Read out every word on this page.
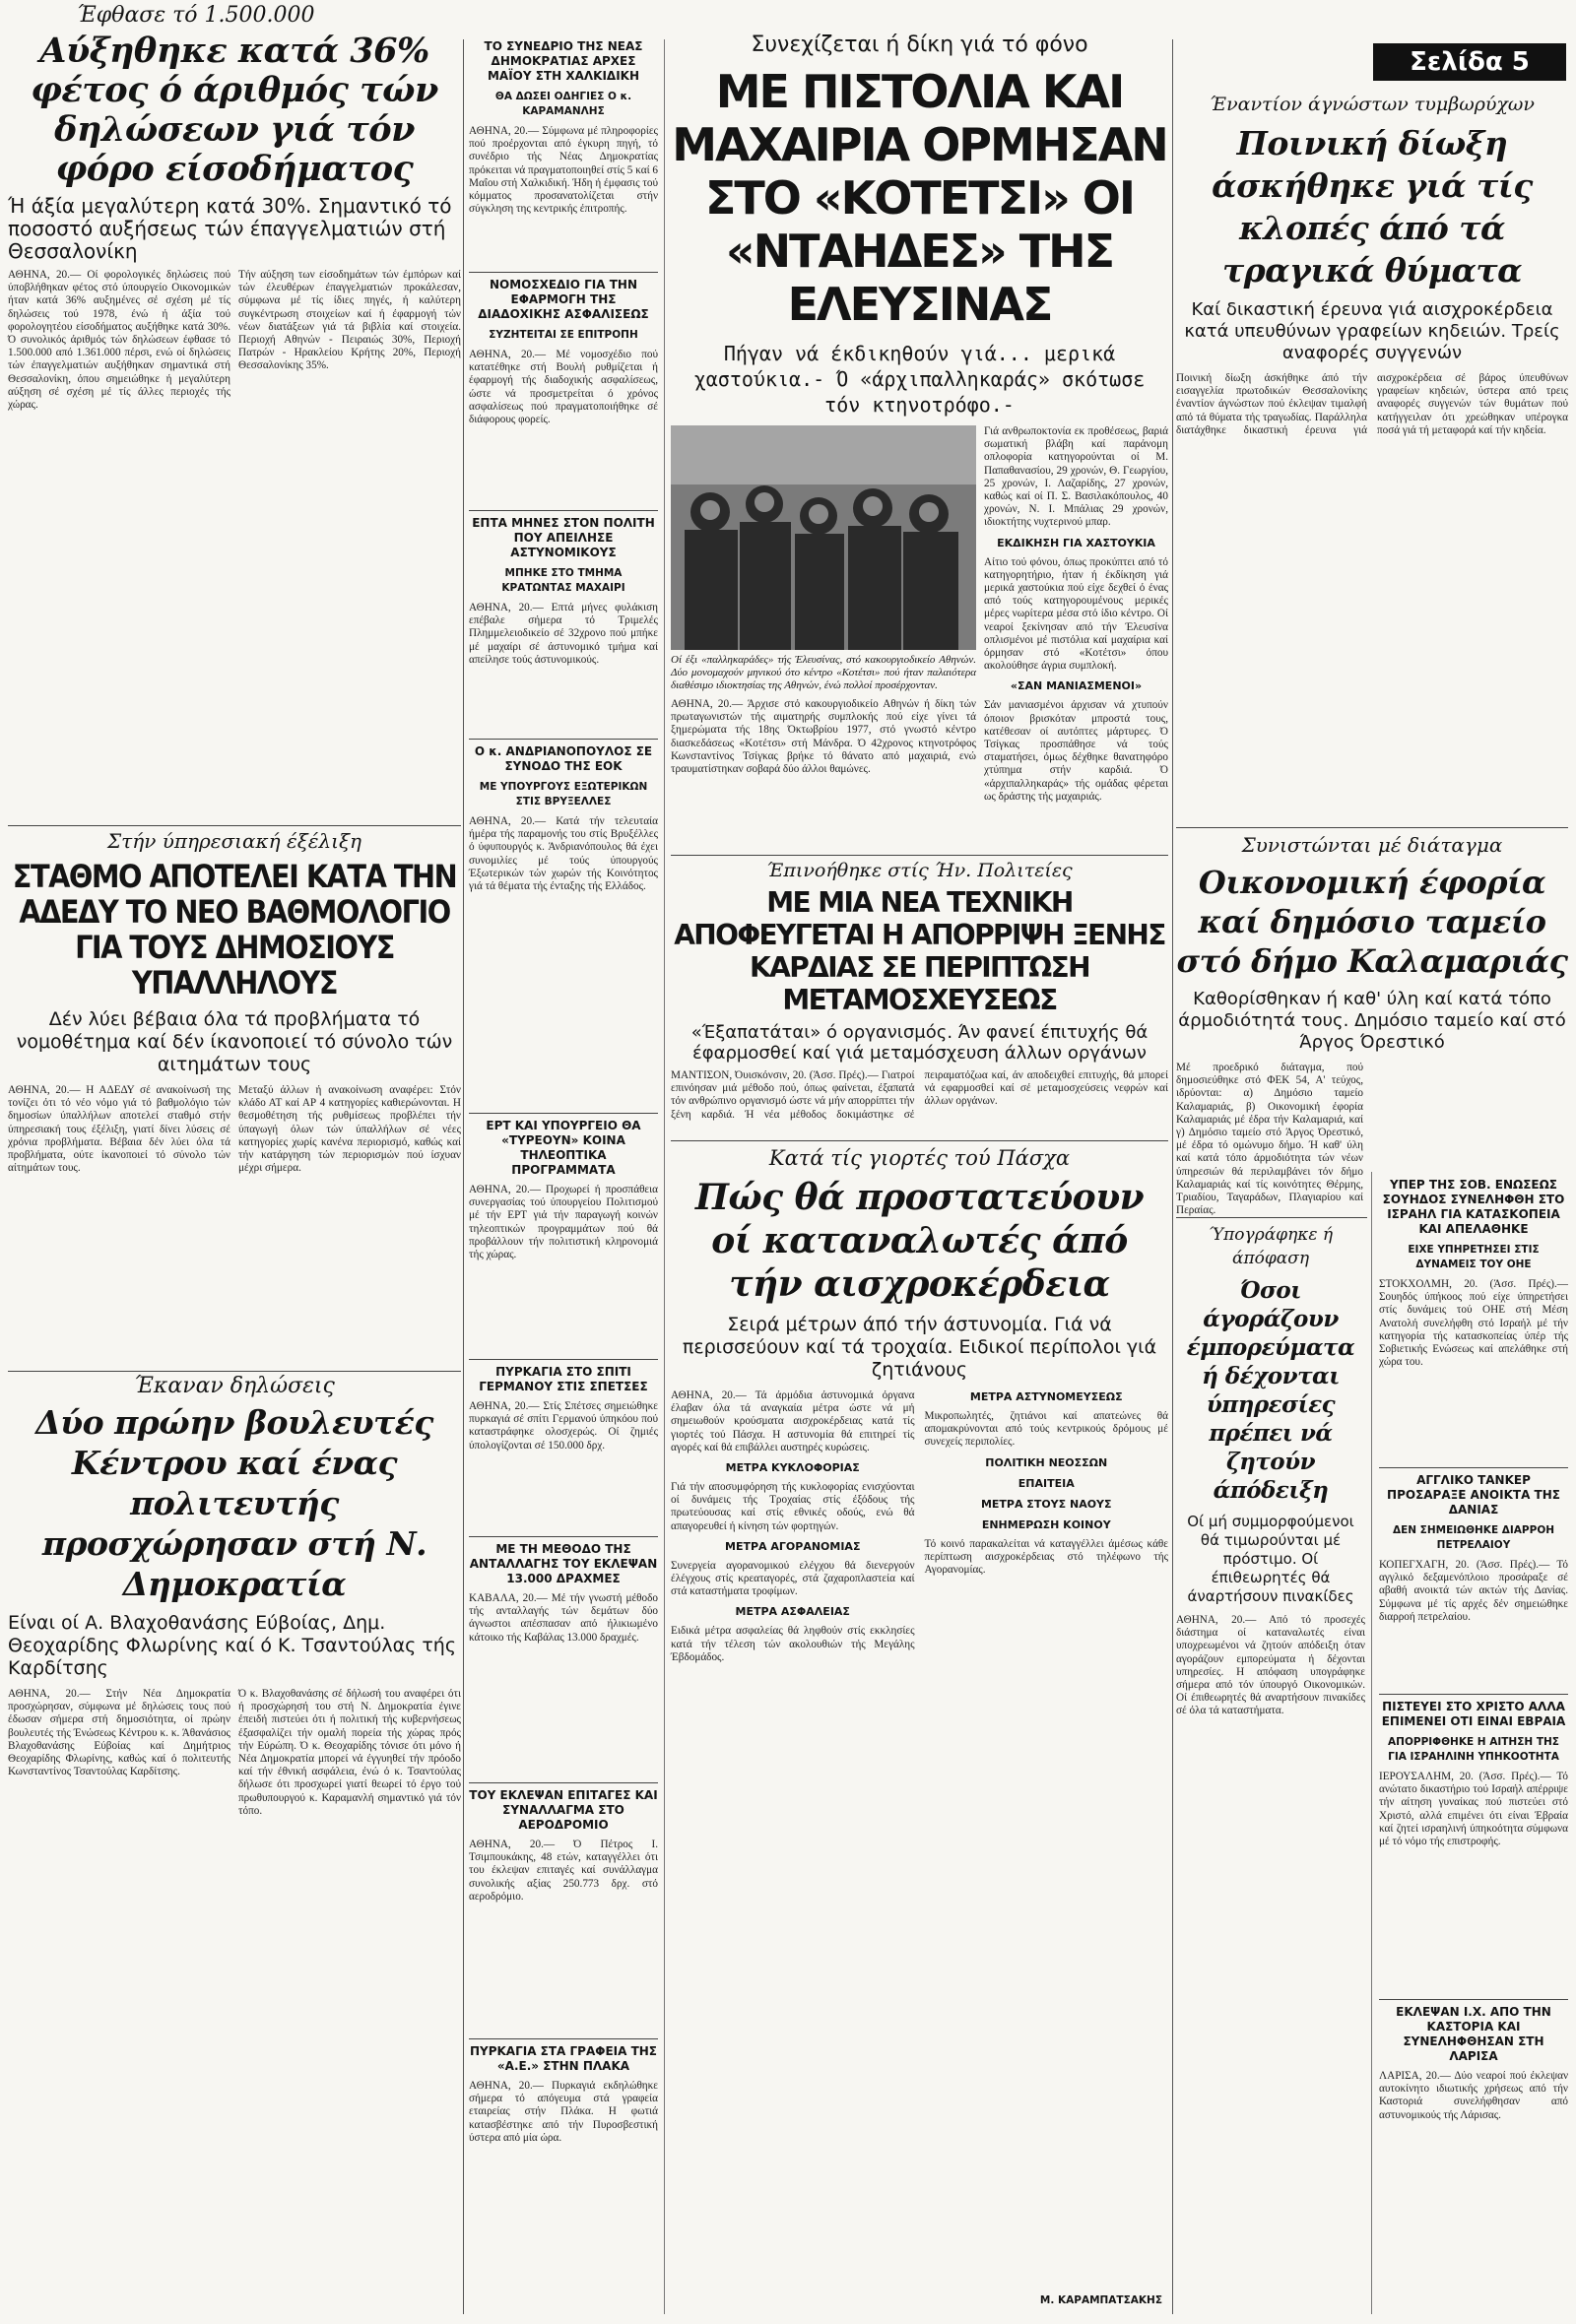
Έφθασε τό 1.500.000
Αύξηθηκε κατά 36% φέτος ό άριθμός τών δηλώσεων γιά τόν φόρο είσοδήματος
Ή άξία μεγαλύτερη κατά 30%. Σημαντικό τό ποσοστό αυξήσεως τών έπαγγελματιών στή Θεσσαλονίκη
ΑΘΗΝΑ, 20.— Οί φορολογικές δηλώσεις πού ύποβλήθηκαν φέτος στό ύπουργείο Οικονομικών ήταν κατά 36% αυξημένες σέ σχέση μέ τίς δηλώσεις τού 1978, ένώ ή άξία τού φορολογητέου είσοδήματος αυξήθηκε κατά 30%. Ό συνολικός άριθμός τών δηλώσεων έφθασε τό 1.500.000 από 1.361.000 πέρσι, ενώ οί δηλώσεις τών έπαγγελματιών αυξήθηκαν σημαντικά στή Θεσσαλονίκη, όπου σημειώθηκε ή μεγαλύτερη αύξηση σέ σχέση μέ τίς άλλες περιοχές τής χώρας.
Τήν αύξηση των είσοδημάτων τών έμπόρων καί τών έλευθέρων έπαγγελματιών προκάλεσαν, σύμφωνα μέ τίς ίδιες πηγές, ή καλύτερη συγκέντρωση στοιχείων καί ή έφαρμογή τών νέων διατάξεων γιά τά βιβλία καί στοιχεία. Περιοχή Αθηνών - Πειραιώς 30%, Περιοχή Πατρών - Ηρακλείου Κρήτης 20%, Περιοχή Θεσσαλονίκης 35%.
Στήν ύπηρεσιακή έξέλιξη
ΣΤΑΘΜΟ ΑΠΟΤΕΛΕΙ ΚΑΤΑ ΤΗΝ ΑΔΕΔΥ ΤΟ ΝΕΟ ΒΑΘΜΟΛΟΓΙΟ ΓΙΑ ΤΟΥΣ ΔΗΜΟΣΙΟΥΣ ΥΠΑΛΛΗΛΟΥΣ
Δέν λύει βέβαια όλα τά προβλήματα τό νομοθέτημα καί δέν ίκανοποιεί τό σύνολο τών αιτημάτων τους
ΑΘΗΝΑ, 20.— Η ΑΔΕΔΥ σέ ανακοίνωσή της τονίζει ότι τό νέο νόμο γιά τό βαθμολόγιο τών δημοσίων ύπαλλήλων αποτελεί σταθμό στήν ύπηρεσιακή τους έξέλιξη, γιατί δίνει λύσεις σέ χρόνια προβλήματα. Βέβαια δέν λύει όλα τά προβλήματα, ούτε ίκανοποιεί τό σύνολο τών αίτημάτων τους.
Μεταξύ άλλων ή ανακοίνωση αναφέρει: Στόν κλάδο ΑΤ καί ΑΡ 4 κατηγορίες καθιερώνονται. Η θεσμοθέτηση τής ρυθμίσεως προβλέπει τήν ύπαγωγή όλων τών ύπαλλήλων σέ νέες κατηγορίες χωρίς κανένα περιορισμό, καθώς καί τήν κατάργηση τών περιορισμών πού ίσχυαν μέχρι σήμερα.
Έκαναν δηλώσεις
Δύο πρώην βουλευτές Κέντρου καί ένας πολιτευτής προσχώρησαν στή Ν. Δημοκρατία
Είναι οί Α. Βλαχοθανάσης Εύβοίας, Δημ. Θεοχαρίδης Φλωρίνης καί ό Κ. Τσαντούλας τής Καρδίτσης
ΑΘΗΝΑ, 20.— Στήν Νέα Δημοκρατία προσχώρησαν, σύμφωνα μέ δηλώσεις τους πού έδωσαν σήμερα στή δημοσιότητα, οί πρώην βουλευτές τής Ένώσεως Κέντρου κ. κ. Άθανάσιος Βλαχοθανάσης Εύβοίας καί Δημήτριος Θεοχαρίδης Φλωρίνης, καθώς καί ό πολιτευτής Κωνσταντίνος Τσαντούλας Καρδίτσης.
Ό κ. Βλαχοθανάσης σέ δήλωσή του αναφέρει ότι ή προσχώρησή του στή Ν. Δημοκρατία έγινε έπειδή πιστεύει ότι ή πολιτική τής κυβερνήσεως έξασφαλίζει τήν ομαλή πορεία τής χώρας πρός τήν Εύρώπη. Ό κ. Θεοχαρίδης τόνισε ότι μόνο ή Νέα Δημοκρατία μπορεί νά έγγυηθεί τήν πρόοδο καί τήν έθνική ασφάλεια, ένώ ό κ. Τσαντούλας δήλωσε ότι προσχωρεί γιατί θεωρεί τό έργο τού πρωθυπουργού κ. Καραμανλή σημαντικό γιά τόν τόπο.
ΤΟ ΣΥΝΕΔΡΙΟ ΤΗΣ ΝΕΑΣ ΔΗΜΟΚΡΑΤΙΑΣ ΑΡΧΕΣ ΜΑΪΟΥ ΣΤΗ ΧΑΛΚΙΔΙΚΗ
ΘΑ ΔΩΣΕΙ ΟΔΗΓΙΕΣ Ο κ. ΚΑΡΑΜΑΝΛΗΣ
ΑΘΗΝΑ, 20.— Σύμφωνα μέ πληροφορίες πού προέρχονται από έγκυρη πηγή, τό συνέδριο τής Νέας Δημοκρατίας πρόκειται νά πραγματοποιηθεί στίς 5 καί 6 Μαΐου στή Χαλκιδική. Ήδη ή έμφασις τού κόμματος προσανατολίζεται στήν σύγκληση της κεντρικής έπιτροπής.
ΝΟΜΟΣΧΕΔΙΟ ΓΙΑ ΤΗΝ ΕΦΑΡΜΟΓΗ ΤΗΣ ΔΙΑΔΟΧΙΚΗΣ ΑΣΦΑΛΙΣΕΩΣ
ΣΥΖΗΤΕΙΤΑΙ ΣΕ ΕΠΙΤΡΟΠΗ
ΑΘΗΝΑ, 20.— Μέ νομοσχέδιο πού κατατέθηκε στή Βουλή ρυθμίζεται ή έφαρμογή τής διαδοχικής ασφαλίσεως, ώστε νά προσμετρείται ό χρόνος ασφαλίσεως πού πραγματοποιήθηκε σέ διάφορους φορείς.
ΕΠΤΑ ΜΗΝΕΣ ΣΤΟΝ ΠΟΛΙΤΗ ΠΟΥ ΑΠΕΙΛΗΣΕ ΑΣΤΥΝΟΜΙΚΟΥΣ
ΜΠΗΚΕ ΣΤΟ ΤΜΗΜΑ ΚΡΑΤΩΝΤΑΣ ΜΑΧΑΙΡΙ
ΑΘΗΝΑ, 20.— Επτά μήνες φυλάκιση επέβαλε σήμερα τό Τριμελές Πλημμελειοδικείο σέ 32χρονο πού μπήκε μέ μαχαίρι σέ άστυνομικό τμήμα καί απείλησε τούς άστυνομικούς.
Ο κ. ΑΝΔΡΙΑΝΟΠΟΥΛΟΣ ΣΕ ΣΥΝΟΔΟ ΤΗΣ ΕΟΚ
ΜΕ ΥΠΟΥΡΓΟΥΣ ΕΞΩΤΕΡΙΚΩΝ ΣΤΙΣ ΒΡΥΞΕΛΛΕΣ
ΑΘΗΝΑ, 20.— Κατά τήν τελευταία ήμέρα τής παραμονής του στίς Βρυξέλλες ό ύφυπουργός κ. Άνδριανόπουλος θά έχει συνομιλίες μέ τούς ύπουργούς Έξωτερικών τών χωρών τής Κοινότητος γιά τά θέματα τής ένταξης τής Ελλάδος.
ΕΡΤ ΚΑΙ ΥΠΟΥΡΓΕΙΟ ΘΑ «ΤΥΡΕΟΥΝ» ΚΟΙΝΑ ΤΗΛΕΟΠΤΙΚΑ ΠΡΟΓΡΑΜΜΑΤΑ
ΑΘΗΝΑ, 20.— Προχωρεί ή προσπάθεια συνεργασίας τού ύπουργείου Πολιτισμού μέ τήν ΕΡΤ γιά τήν παραγωγή κοινών τηλεοπτικών προγραμμάτων πού θά προβάλλουν τήν πολιτιστική κληρονομιά τής χώρας.
ΠΥΡΚΑΓΙΑ ΣΤΟ ΣΠΙΤΙ ΓΕΡΜΑΝΟΥ ΣΤΙΣ ΣΠΕΤΣΕΣ
ΑΘΗΝΑ, 20.— Στίς Σπέτσες σημειώθηκε πυρκαγιά σέ σπίτι Γερμανού ύπηκόου πού καταστράφηκε ολοσχερώς. Οί ζημιές ύπολογίζονται σέ 150.000 δρχ.
ΜΕ ΤΗ ΜΕΘΟΔΟ ΤΗΣ ΑΝΤΑΛΛΑΓΗΣ ΤΟΥ ΕΚΛΕΨΑΝ 13.000 ΔΡΑΧΜΕΣ
ΚΑΒΑΛΑ, 20.— Μέ τήν γνωστή μέθοδο τής ανταλλαγής τών δεμάτων δύο άγνωστοι απέσπασαν από ήλικιωμένο κάτοικο τής Καβάλας 13.000 δραχμές.
ΤΟΥ ΕΚΛΕΨΑΝ ΕΠΙΤΑΓΕΣ ΚΑΙ ΣΥΝΑΛΛΑΓΜΑ ΣΤΟ ΑΕΡΟΔΡΟΜΙΟ
ΑΘΗΝΑ, 20.— Ό Πέτρος Ι. Τσιμπουκάκης, 48 ετών, καταγγέλλει ότι του έκλεψαν επιταγές καί συνάλλαγμα συνολικής αξίας 250.773 δρχ. στό αεροδρόμιο.
ΠΥΡΚΑΓΙΑ ΣΤΑ ΓΡΑΦΕΙΑ ΤΗΣ «Α.Ε.» ΣΤΗΝ ΠΛΑΚΑ
ΑΘΗΝΑ, 20.— Πυρκαγιά εκδηλώθηκε σήμερα τό απόγευμα στά γραφεία εταιρείας στήν Πλάκα. Η φωτιά κατασβέστηκε από τήν Πυροσβεστική ύστερα από μία ώρα.
Συνεχίζεται ή δίκη γιά τό φόνο
ΜΕ ΠΙΣΤΟΛΙΑ ΚΑΙ ΜΑΧΑΙΡΙΑ ΟΡΜΗΣΑΝ ΣΤΟ «ΚΟΤΕΤΣΙ» ΟΙ «ΝΤΑΗΔΕΣ» ΤΗΣ ΕΛΕΥΣΙΝΑΣ
Πήγαν νά έκδικηθούν γιά... μερικά χαστούκια.- Ό «άρχιπαλληκαράς» σκότωσε τόν κτηνοτρόφο.-
Οί έξι «παλληκαράδες» τής Έλευσίνας, στό κακουργιοδικείο Αθηνών. Δύο μονομαχούν μηνικού ότο κέντρο «Κοτέτσι» πού ήταν παλαιότερα διαθέσιμο ιδιοκτησίας της Αθηνών, ένώ πολλοί προσέρχονταν.
ΑΘΗΝΑ, 20.— Άρχισε στό κακουργιοδικείο Αθηνών ή δίκη τών πρωταγωνιστών τής αιματηρής συμπλοκής πού είχε γίνει τά ξημερώματα τής 18ης Όκτωβρίου 1977, στό γνωστό κέντρο διασκεδάσεως «Κοτέτσι» στή Μάνδρα. Ό 42χρονος κτηνοτρόφος Κωνσταντίνος Τσίγκας βρήκε τό θάνατο από μαχαιριά, ενώ τραυματίστηκαν σοβαρά δύο άλλοι θαμώνες.
Γιά ανθρωποκτονία εκ προθέσεως, βαριά σωματική βλάβη καί παράνομη οπλοφορία κατηγορούνται οί Μ. Παπαθανασίου, 29 χρονών, Θ. Γεωργίου, 25 χρονών, Ι. Λαζαρίδης, 27 χρονών, καθώς καί οί Π. Σ. Βασιλακόπουλος, 40 χρονών, Ν. Ι. Μπάλιας 29 χρονών, ιδιοκτήτης νυχτερινού μπαρ.
ΕΚΔΙΚΗΣΗ ΓΙΑ ΧΑΣΤΟΥΚΙΑ
Αίτιο τού φόνου, όπως προκύπτει από τό κατηγορητήριο, ήταν ή έκδίκηση γιά μερικά χαστούκια πού είχε δεχθεί ό ένας από τούς κατηγορουμένους μερικές μέρες νωρίτερα μέσα στό ίδιο κέντρο. Οί νεαροί ξεκίνησαν από τήν Έλευσίνα οπλισμένοι μέ πιστόλια καί μαχαίρια καί όρμησαν στό «Κοτέτσι» όπου ακολούθησε άγρια συμπλοκή.
«ΣΑΝ ΜΑΝΙΑΣΜΕΝΟΙ»
Σάν μανιασμένοι άρχισαν νά χτυπούν όποιον βρισκόταν μπροστά τους, κατέθεσαν οί αυτόπτες μάρτυρες. Ό Τσίγκας προσπάθησε νά τούς σταματήσει, όμως δέχθηκε θανατηφόρο χτύπημα στήν καρδιά. Ό «άρχιπαλληκαράς» τής ομάδας φέρεται ως δράστης τής μαχαιριάς.
Έπινοήθηκε στίς Ήν. Πολιτείες
ΜΕ ΜΙΑ ΝΕΑ ΤΕΧΝΙΚΗ ΑΠΟΦΕΥΓΕΤΑΙ Η ΑΠΟΡΡΙΨΗ ΞΕΝΗΣ ΚΑΡΔΙΑΣ ΣΕ ΠΕΡΙΠΤΩΣΗ ΜΕΤΑΜΟΣΧΕΥΣΕΩΣ
«Έξαπατάται» ό οργανισμός. Άν φανεί έπιτυχής θά έφαρμοσθεί καί γιά μεταμόσχευση άλλων οργάνων
ΜΑΝΤΙΣΟΝ, Όυισκόνσιν, 20. (Άσσ. Πρές).— Γιατροί επινόησαν μιά μέθοδο πού, όπως φαίνεται, έξαπατά τόν ανθρώπινο οργανισμό ώστε νά μήν απορρίπτει τήν ξένη καρδιά. Ή νέα μέθοδος δοκιμάστηκε σέ πειραματόζωα καί, άν αποδειχθεί επιτυχής, θά μπορεί νά εφαρμοσθεί καί σέ μεταμοσχεύσεις νεφρών καί άλλων οργάνων.
Κατά τίς γιορτές τού Πάσχα
Πώς θά προστατεύουν οί καταναλωτές άπό τήν αισχροκέρδεια
Σειρά μέτρων άπό τήν άστυνομία. Γιά νά περισσεύουν καί τά τροχαία. Ειδικοί περίπολοι γιά ζητιάνους
ΑΘΗΝΑ, 20.— Τά άρμόδια άστυνομικά όργανα έλαβαν όλα τά αναγκαία μέτρα ώστε νά μή σημειωθούν κρούσματα αισχροκέρδειας κατά τίς γιορτές τού Πάσχα. Η αστυνομία θά επιτηρεί τίς αγορές καί θά επιβάλλει αυστηρές κυρώσεις.
ΜΕΤΡΑ ΚΥΚΛΟΦΟΡΙΑΣ
Γιά τήν αποσυμφόρηση τής κυκλοφορίας ενισχύονται οί δυνάμεις τής Τροχαίας στίς έξόδους τής πρωτεύουσας καί στίς εθνικές οδούς, ενώ θά απαγορευθεί ή κίνηση τών φορτηγών.
ΜΕΤΡΑ ΑΓΟΡΑΝΟΜΙΑΣ
Συνεργεία αγορανομικού ελέγχου θά διενεργούν έλέγχους στίς κρεαταγορές, στά ζαχαροπλαστεία καί στά καταστήματα τροφίμων.
ΜΕΤΡΑ ΑΣΦΑΛΕΙΑΣ
Ειδικά μέτρα ασφαλείας θά ληφθούν στίς εκκλησίες κατά τήν τέλεση τών ακολουθιών τής Μεγάλης Έβδομάδος.
ΜΕΤΡΑ ΑΣΤΥΝΟΜΕΥΣΕΩΣ
Μικροπωλητές, ζητιάνοι καί απατεώνες θά απομακρύνονται από τούς κεντρικούς δρόμους μέ συνεχείς περιπολίες.
ΠΟΛΙΤΙΚΗ ΝΕΟΣΣΩΝ
ΕΠΑΙΤΕΙΑ
ΜΕΤΡΑ ΣΤΟΥΣ ΝΑΟΥΣ
ΕΝΗΜΕΡΩΣΗ ΚΟΙΝΟΥ
Τό κοινό παρακαλείται νά καταγγέλλει άμέσως κάθε περίπτωση αισχροκέρδειας στό τηλέφωνο τής Αγορανομίας.
Σελίδα 5
Έναντίον άγνώστων τυμβωρύχων
Ποινική δίωξη άσκήθηκε γιά τίς κλοπές άπό τά τραγικά θύματα
Καί δικαστική έρευνα γιά αισχροκέρδεια κατά υπευθύνων γραφείων κηδειών. Τρείς αναφορές συγγενών
Ποινική δίωξη άσκήθηκε άπό τήν εισαγγελία πρωτοδικών Θεσσαλονίκης έναντίον άγνώστων πού έκλεψαν τιμαλφή από τά θύματα τής τραγωδίας. Παράλληλα διατάχθηκε δικαστική έρευνα γιά αισχροκέρδεια σέ βάρος ύπευθύνων γραφείων κηδειών, ύστερα από τρεις αναφορές συγγενών τών θυμάτων πού κατήγγειλαν ότι χρεώθηκαν υπέρογκα ποσά γιά τή μεταφορά καί τήν κηδεία.
Συνιστώνται μέ διάταγμα
Οικονομική έφορία καί δημόσιο ταμείο στό δήμο Καλαμαριάς
Καθορίσθηκαν ή καθ' ύλη καί κατά τόπο άρμοδιότητά τους. Δημόσιο ταμείο καί στό Άργος Όρεστικό
Μέ προεδρικό διάταγμα, πού δημοσιεύθηκε στό ΦΕΚ 54, Α' τεύχος, ιδρύονται: α) Δημόσιο ταμείο Καλαμαριάς, β) Οικονομική έφορία Καλαμαριάς μέ έδρα τήν Καλαμαριά, καί γ) Δημόσιο ταμείο στό Άργος Όρεστικό, μέ έδρα τό ομώνυμο δήμο. Ή καθ' ύλη καί κατά τόπο άρμοδιότητα τών νέων ύπηρεσιών θά περιλαμβάνει τόν δήμο Καλαμαριάς καί τίς κοινότητες Θέρμης, Τριαδίου, Ταγαράδων, Πλαγιαρίου καί Περαίας.
ΥΠΕΡ ΤΗΣ ΣΟΒ. ΕΝΩΣΕΩΣ ΣΟΥΗΔΟΣ ΣΥΝΕΛΗΦΘΗ ΣΤΟ ΙΣΡΑΗΛ ΓΙΑ ΚΑΤΑΣΚΟΠΕΙΑ ΚΑΙ ΑΠΕΛΑΘΗΚΕ
ΕΙΧΕ ΥΠΗΡΕΤΗΣΕΙ ΣΤΙΣ ΔΥΝΑΜΕΙΣ ΤΟΥ ΟΗΕ
ΣΤΟΚΧΟΛΜΗ, 20. (Άσσ. Πρές).— Σουηδός ύπήκοος πού είχε ύπηρετήσει στίς δυνάμεις τού ΟΗΕ στή Μέση Ανατολή συνελήφθη στό Ισραήλ μέ τήν κατηγορία τής κατασκοπείας ύπέρ τής Σοβιετικής Ενώσεως καί απελάθηκε στή χώρα του.
ΑΓΓΛΙΚΟ ΤΑΝΚΕΡ ΠΡΟΣΑΡΑΞΕ ΑΝΟΙΚΤΑ ΤΗΣ ΔΑΝΙΑΣ
ΔΕΝ ΣΗΜΕΙΩΘΗΚΕ ΔΙΑΡΡΟΗ ΠΕΤΡΕΛΑΙΟΥ
ΚΟΠΕΓΧΑΓΗ, 20. (Άσσ. Πρές).— Τό αγγλικό δεξαμενόπλοιο προσάραξε σέ αβαθή ανοικτά τών ακτών τής Δανίας. Σύμφωνα μέ τίς αρχές δέν σημειώθηκε διαρροή πετρελαίου.
ΠΙΣΤΕΥΕΙ ΣΤΟ ΧΡΙΣΤΟ ΑΛΛΑ ΕΠΙΜΕΝΕΙ ΟΤΙ ΕΙΝΑΙ ΕΒΡΑΙΑ
ΑΠΟΡΡΙΦΘΗΚΕ Η ΑΙΤΗΣΗ ΤΗΣ ΓΙΑ ΙΣΡΑΗΛΙΝΗ ΥΠΗΚΟΟΤΗΤΑ
ΙΕΡΟΥΣΑΛΗΜ, 20. (Άσσ. Πρές).— Τό ανώτατο δικαστήριο τού Ισραήλ απέρριψε τήν αίτηση γυναίκας πού πιστεύει στό Χριστό, αλλά επιμένει ότι είναι Έβραία καί ζητεί ισραηλινή ύπηκοότητα σύμφωνα μέ τό νόμο τής επιστροφής.
ΕΚΛΕΨΑΝ Ι.Χ. ΑΠΟ ΤΗΝ ΚΑΣΤΟΡΙΑ ΚΑΙ ΣΥΝΕΛΗΦΘΗΣΑΝ ΣΤΗ ΛΑΡΙΣΑ
ΛΑΡΙΣΑ, 20.— Δύο νεαροί πού έκλεψαν αυτοκίνητο ιδιωτικής χρήσεως από τήν Καστοριά συνελήφθησαν από αστυνομικούς τής Λάρισας.
Ύπογράφηκε ή άπόφαση
Όσοι άγοράζουν έμπορεύματα ή δέχονται ύπηρεσίες πρέπει νά ζητούν άπόδειξη
Οί μή συμμορφούμενοι θά τιμωρούνται μέ πρόστιμο. Οί έπιθεωρητές θά άναρτήσουν πινακίδες
ΑΘΗΝΑ, 20.— Από τό προσεχές διάστημα οί καταναλωτές είναι υποχρεωμένοι νά ζητούν απόδειξη όταν αγοράζουν εμπορεύματα ή δέχονται υπηρεσίες. Η απόφαση υπογράφηκε σήμερα από τόν ύπουργό Οικονομικών. Οί έπιθεωρητές θά αναρτήσουν πινακίδες σέ όλα τά καταστήματα.
Μ. ΚΑΡΑΜΠΑΤΣΑΚΗΣ
